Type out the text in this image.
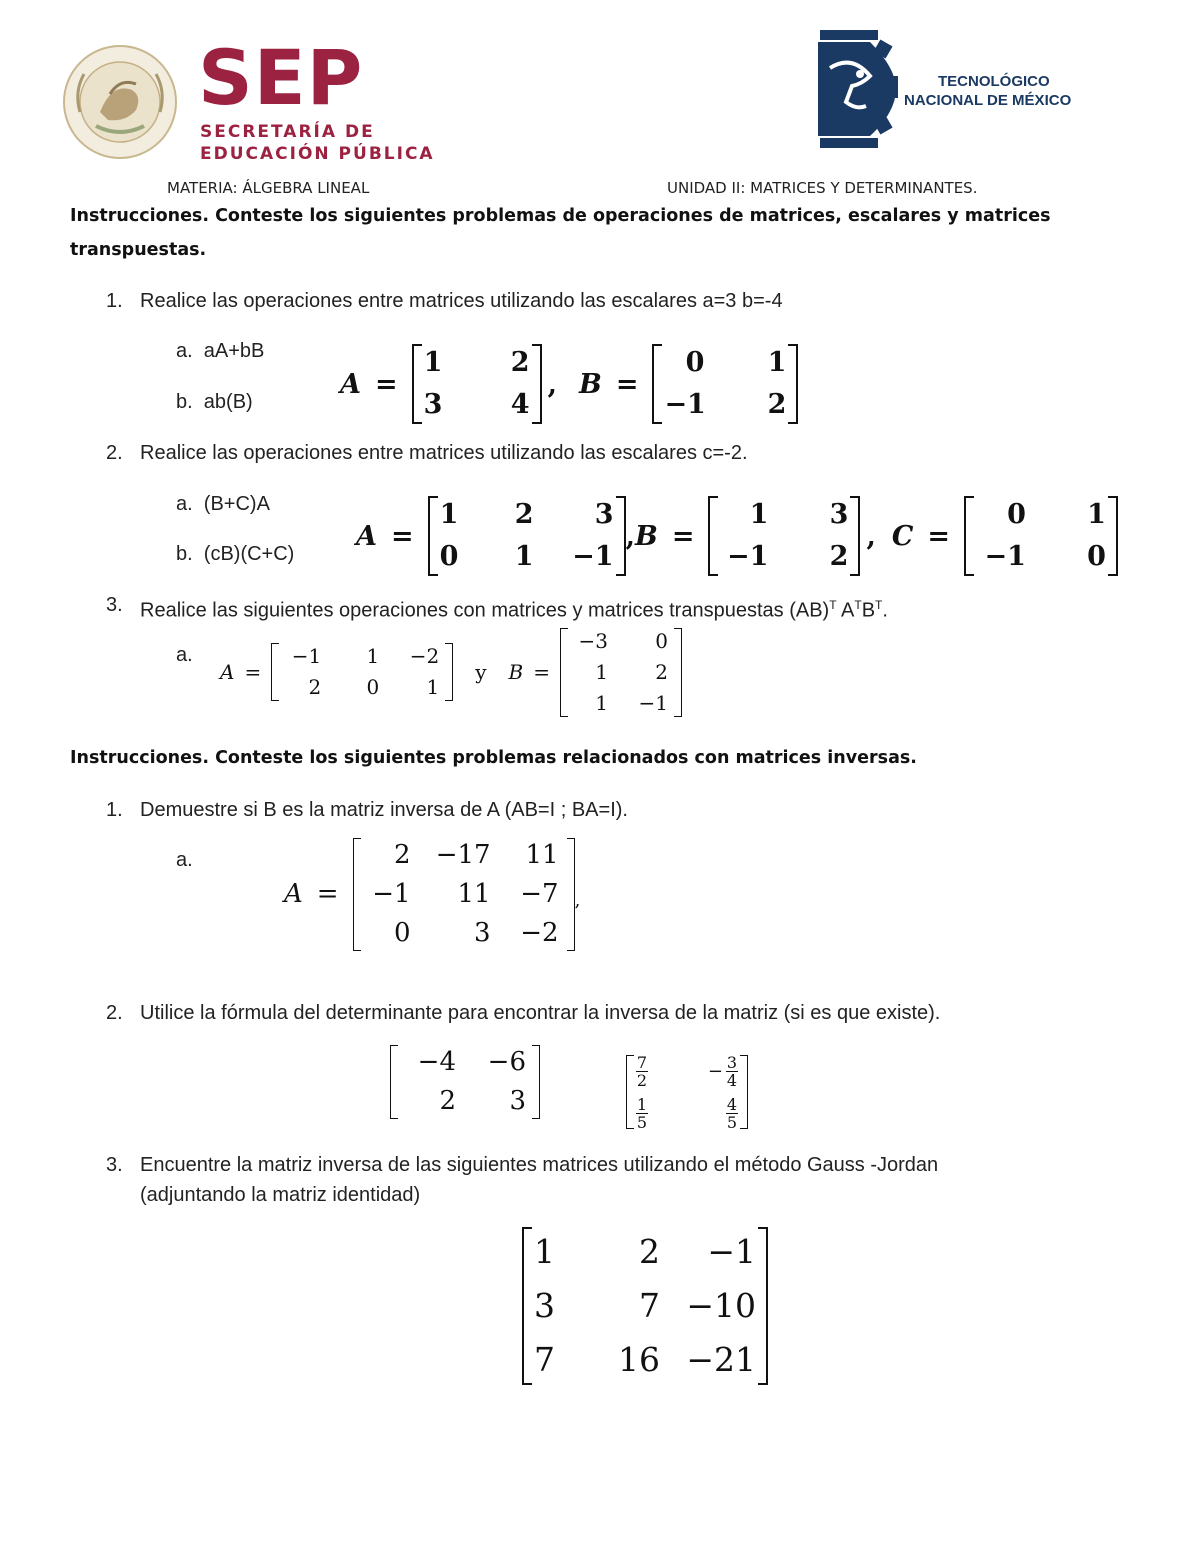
SEP
SECRETARÍA DE
EDUCACIÓN PÚBLICA
TECNOLÓGICO
NACIONAL DE MÉXICO
MATERIA: ÁLGEBRA LINEAL	UNIDAD II: MATRICES Y DETERMINANTES.
Instrucciones. Conteste los siguientes problemas de operaciones de matrices, escalares y matrices
transpuestas.
1. Realice las operaciones entre matrices utilizando las escalares a=3 b=-4
a.  aA+bB
b.  ab(B)
A =
1	2
3	4
, B =
0	1
−1	2
2. Realice las operaciones entre matrices utilizando las escalares c=-2.
a.  (B+C)A
b.  (cB)(C+C)
A =
1	2	3
0	1	−1
, B =
1	3
−1	2
, C =
0	1
−1	0
3. Realice las siguientes operaciones con matrices y matrices transpuestas (AB)$^T$ $A^TB^T$.
a.
A =
−1	1	−2
2	0	1
y	B =
−3	0
1	2
1	−1
Instrucciones. Conteste los siguientes problemas relacionados con matrices inversas.
1. Demuestre si B es la matriz inversa de A (AB=I ; BA=I).
a.
A =
2 −17	11
−1	11	−7
0	3	−2
,
2. Utilice la fórmula del determinante para encontrar la inversa de la matriz (si es que existe).
−4	−6
2	3
$\frac{7}{2}$	− $\frac{3}{4}$
$\frac{1}{5}$	$\frac{4}{5}$
3. Encuentre la matriz inversa de las siguientes matrices utilizando el método Gauss -Jordan
(adjuntando la matriz identidad)
1	2	−1
3	7 −10
7	16 −21
